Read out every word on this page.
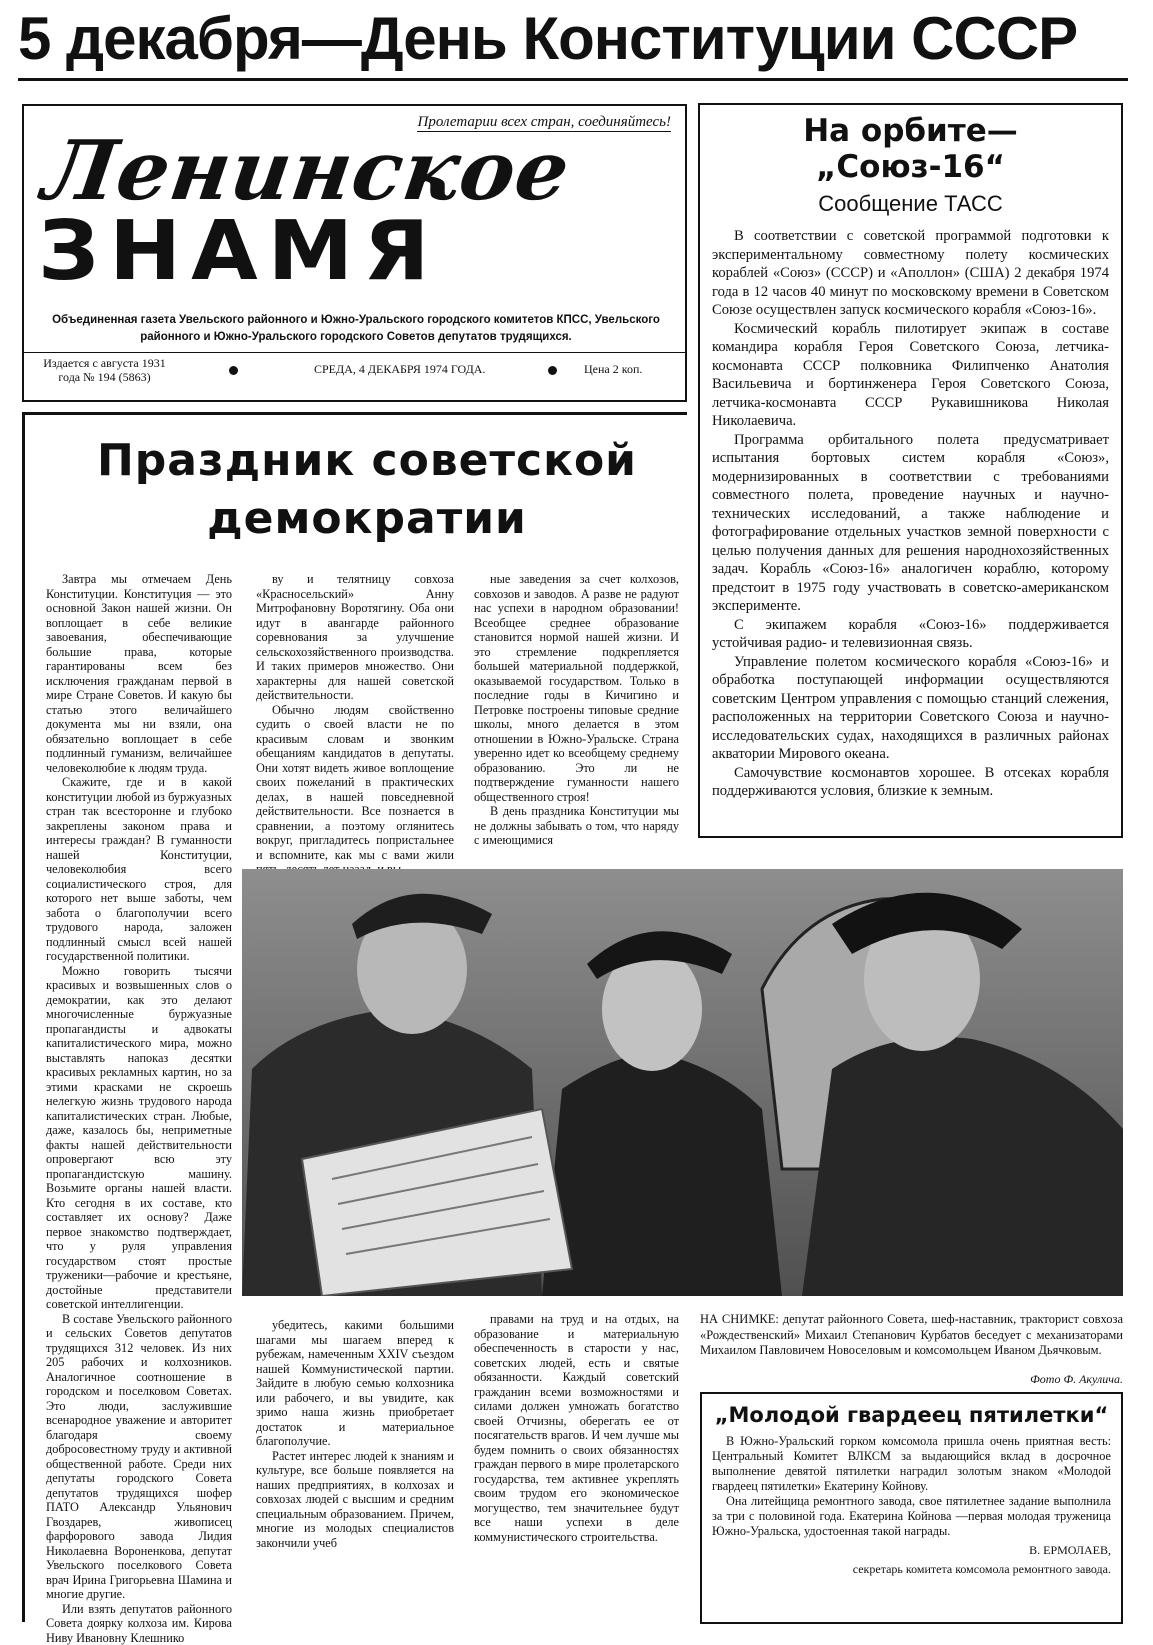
5 декабря—День Конституции СССР
Пролетарии всех стран, соединяйтесь!
Ленинское
ЗНАМЯ
Объединенная газета Увельского районного и Южно-Уральского городского комитетов КПСС, Увельского районного и Южно-Уральского городского Советов депутатов трудящихся.
Издается с августа 1931 года № 194 (5863)
СРЕДА, 4 ДЕКАБРЯ 1974 ГОДА.	Цена 2 коп.
На орбите—
„Союз-16“
Сообщение ТАСС

В соответствии с советской программой подготовки к экспериментальному совместному полету космических кораблей «Союз» (СССР) и «Аполлон» (США) 2 декабря 1974 года в 12 часов 40 минут по московскому времени в Советском Союзе осуществлен запуск космического корабля «Союз-16».

Космический корабль пилотирует экипаж в составе командира корабля Героя Советского Союза, летчика-космонавта СССР полковника Филипченко Анатолия Васильевича и бортинженера Героя Советского Союза, летчика-космонавта СССР Рукавишникова Николая Николаевича.

Программа орбитального полета предусматривает испытания бортовых систем корабля «Союз», модернизированных в соответствии с требованиями совместного полета, проведение научных и научно-технических исследований, а также наблюдение и фотографирование отдельных участков земной поверхности с целью получения данных для решения народнохозяйственных задач. Корабль «Союз-16» аналогичен кораблю, которому предстоит в 1975 году участвовать в советско-американском эксперименте.

С экипажем корабля «Союз-16» поддерживается устойчивая радио- и телевизионная связь.

Управление полетом космического корабля «Союз-16» и обработка поступающей информации осуществляются советским Центром управления с помощью станций слежения, расположенных на территории Советского Союза и научно-исследовательских судах, находящихся в различных районах акватории Мирового океана.

Самочувствие космонавтов хорошее. В отсеках корабля поддерживаются условия, близкие к земным.

Праздник советской демократии

Завтра мы отмечаем День Конституции. Конституция — это основной Закон нашей жизни. Он воплощает в себе великие завоевания, обеспечивающие большие права, которые гарантированы всем без исключения гражданам первой в мире Стране Советов. И какую бы статью этого величайшего документа мы ни взяли, она обязательно воплощает в себе подлинный гуманизм, величайшее человеколюбие к людям труда.

Скажите, где и в какой конституции любой из буржуазных стран так всесторонне и глубоко закреплены законом права и интересы граждан? В гуманности нашей Конституции, человеколюбия всего социалистического строя, для которого нет выше заботы, чем забота о благополучии всего трудового народа, заложен подлинный смысл всей нашей государственной политики.

Можно говорить тысячи красивых и возвышенных слов о демократии, как это делают многочисленные буржуазные пропагандисты и адвокаты капиталистического мира, можно выставлять напоказ десятки красивых рекламных картин, но за этими красками не скроешь нелегкую жизнь трудового народа капиталистических стран. Любые, даже, казалось бы, неприметные факты нашей действительности опровергают всю эту пропагандистскую машину. Возьмите органы нашей власти. Кто сегодня в их составе, кто составляет их основу? Даже первое знакомство подтверждает, что у руля управления государством стоят простые труженики—рабочие и крестьяне, достойные представители советской интеллигенции.

В составе Увельского районного и сельских Советов депутатов трудящихся 312 человек. Из них 205 рабочих и колхозников. Аналогичное соотношение в городском и поселковом Советах. Это люди, заслужившие всенародное уважение и авторитет благодаря своему добросовестному труду и активной общественной работе. Среди них депутаты городского Совета депутатов трудящихся шофер ПАТО Александр Ульянович Гвоздарев, живописец фарфорового завода Лидия Николаевна Вороненкова, депутат Увельского поселкового Совета врач Ирина Григорьевна Шамина и многие другие.

Или взять депутатов районного Совета доярку колхоза им. Кирова Ниву Ивановну Клешнико

ву и телятницу совхоза «Красносельский» Анну Митрофановну Воротягину. Оба они идут в авангарде районного соревнования за улучшение сельскохозяйственного производства. И таких примеров множество. Они характерны для нашей советской действительности.

Обычно людям свойственно судить о своей власти не по красивым словам и звонким обещаниям кандидатов в депутаты. Они хотят видеть живое воплощение своих пожеланий в практических делах, в нашей повседневной действительности. Все познается в сравнении, а поэтому оглянитесь вокруг, пригладитесь попристальнее и вспомните, как мы с вами жили

ные заведения за счет колхозов, совхозов и заводов. А разве не радуют нас успехи в народном образовании! Всеобщее среднее образование становится нормой нашей жизни. И это стремление подкрепляется большей материальной поддержкой, оказываемой государством. Только в последние годы в Кичигино и Петровке построены типовые средние школы, много делается в этом отношении в Южно-Уральске. Страна уверенно идет ко всеобщему среднему образованию. Это ли не подтверждение гуманности нашего общественного строя!

В день праздника Конституции мы не должны забывать о том, что наряду с имеющимися

убедитесь, какими большими шагами мы шагаем вперед к рубежам, намеченным XXIV съездом нашей Коммунистической партии. Зайдите в любую семью колхозника или рабочего, и вы увидите, как зримо наша жизнь приобретает достаток и материальное благополучие.

Растет интерес людей к знаниям и культуре, все больше появляется на наших предприятиях, в колхозах и совхозах людей с высшим и средним специальным образованием. Причем, многие из молодых специалистов закончили учеб

правами на труд и на отдых, на образование и материальную обеспеченность в старости у нас, советских людей, есть и святые обязанности. Каждый советский гражданин всеми возможностями и силами должен умножать богатство своей Отчизны, оберегать ее от посягательств врагов. И чем лучше мы будем помнить о своих обязанностях граждан первого в мире пролетарского государства, тем активнее укреплять своим трудом его экономическое могущество, тем значительнее будут все наши успехи в деле коммунистического строительства.

НА СНИМКЕ: депутат районного Совета, шеф-наставник, тракторист совхоза «Рождественский» Михаил Степанович Курбатов беседует с механизаторами Михаилом Павловичем Новоселовым и комсомольцем Иваном Дьячковым.
Фото Ф. Акулича.
„Молодой гвардеец пятилетки“

В Южно-Уральский горком комсомола пришла очень приятная весть: Центральный Комитет ВЛКСМ за выдающийся вклад в досрочное выполнение девятой пятилетки наградил золотым знаком «Молодой гвардеец пятилетки» Екатерину Койнову.

Она литейщица ремонтного завода, свое пятилетнее задание выполнила за три с половиной года. Екатерина Койнова —первая молодая труженица Южно-Уральска, удостоенная такой награды.

В. ЕРМОЛАЕВ,
секретарь комитета комсомола ремонтного завода.
